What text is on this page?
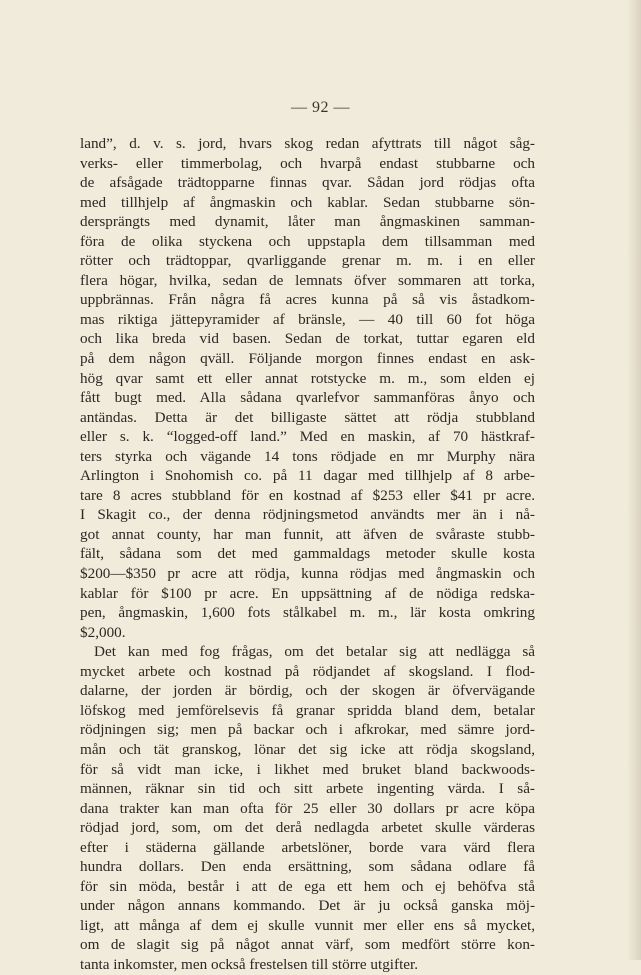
— 92 —
land”, d. v. s. jord, hvars skog redan afyttrats till något såg-
verks- eller timmerbolag, och hvarpå endast stubbarne och
de afsågade trädtopparne finnas qvar. Sådan jord rödjas ofta
med tillhjelp af ångmaskin och kablar. Sedan stubbarne sön-
dersprängts med dynamit, låter man ångmaskinen samman-
föra de olika styckena och uppstapla dem tillsamman med
rötter och trädtoppar, qvarliggande grenar m. m. i en eller
flera högar, hvilka, sedan de lemnats öfver sommaren att torka,
uppbrännas. Från några få acres kunna på så vis åstadkom-
mas riktiga jättepyramider af bränsle, — 40 till 60 fot höga
och lika breda vid basen. Sedan de torkat, tuttar egaren eld
på dem någon qväll. Följande morgon finnes endast en ask-
hög qvar samt ett eller annat rotstycke m. m., som elden ej
fått bugt med. Alla sådana qvarlefvor sammanföras ånyo och
antändas. Detta är det billigaste sättet att rödja stubbland
eller s. k. “logged-off land.” Med en maskin, af 70 hästkraf-
ters styrka och vägande 14 tons rödjade en mr Murphy nära
Arlington i Snohomish co. på 11 dagar med tillhjelp af 8 arbe-
tare 8 acres stubbland för en kostnad af $253 eller $41 pr acre.
I Skagit co., der denna rödjningsmetod användts mer än i nå-
got annat county, har man funnit, att äfven de svåraste stubb-
fält, sådana som det med gammaldags metoder skulle kosta
$200—$350 pr acre att rödja, kunna rödjas med ångmaskin och
kablar för $100 pr acre. En uppsättning af de nödiga redska-
pen, ångmaskin, 1,600 fots stålkabel m. m., lär kosta omkring
$2,000.
Det kan med fog frågas, om det betalar sig att nedlägga så
mycket arbete och kostnad på rödjandet af skogsland. I flod-
dalarne, der jorden är bördig, och der skogen är öfvervägande
löfskog med jemförelsevis få granar spridda bland dem, betalar
rödjningen sig; men på backar och i afkrokar, med sämre jord-
mån och tät granskog, lönar det sig icke att rödja skogsland,
för så vidt man icke, i likhet med bruket bland backwoods-
männen, räknar sin tid och sitt arbete ingenting värda. I så-
dana trakter kan man ofta för 25 eller 30 dollars pr acre köpa
rödjad jord, som, om det derå nedlagda arbetet skulle värderas
efter i städerna gällande arbetslöner, borde vara värd flera
hundra dollars. Den enda ersättning, som sådana odlare få
för sin möda, består i att de ega ett hem och ej behöfva stå
under någon annans kommando. Det är ju också ganska möj-
ligt, att många af dem ej skulle vunnit mer eller ens så mycket,
om de slagit sig på något annat värf, som medfört större kon-
tanta inkomster, men också frestelsen till större utgifter.
